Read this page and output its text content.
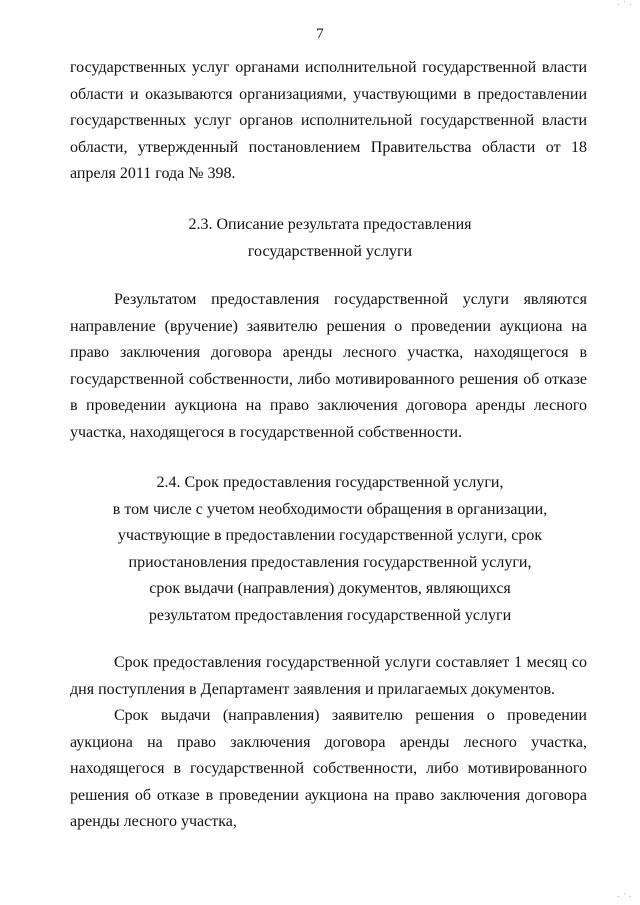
· ˈ ·
7
государственных услуг органами исполнительной государственной власти области и оказываются организациями, участвующими в предоставлении государственных услуг органов исполнительной государственной власти области, утвержденный постановлением Правительства области от 18 апреля 2011 года № 398.
2.3. Описание результата предоставления
государственной услуги
Результатом предоставления государственной услуги являются направление (вручение) заявителю решения о проведении аукциона на право заключения договора аренды лесного участка, находящегося в государственной собственности, либо мотивированного решения об отказе в проведении аукциона на право заключения договора аренды лесного участка, находящегося в государственной собственности.
2.4. Срок предоставления государственной услуги,
в том числе с учетом необходимости обращения в организации,
участвующие в предоставлении государственной услуги, срок
приостановления предоставления государственной услуги,
срок выдачи (направления) документов, являющихся
результатом предоставления государственной услуги
Срок предоставления государственной услуги составляет 1 месяц со дня поступления в Департамент заявления и прилагаемых документов.
Срок выдачи (направления) заявителю решения о проведении аукциона на право заключения договора аренды лесного участка, находящегося в государственной собственности, либо мотивированного решения об отказе в проведении аукциона на право заключения договора аренды лесного участка,
· ˈ ·
